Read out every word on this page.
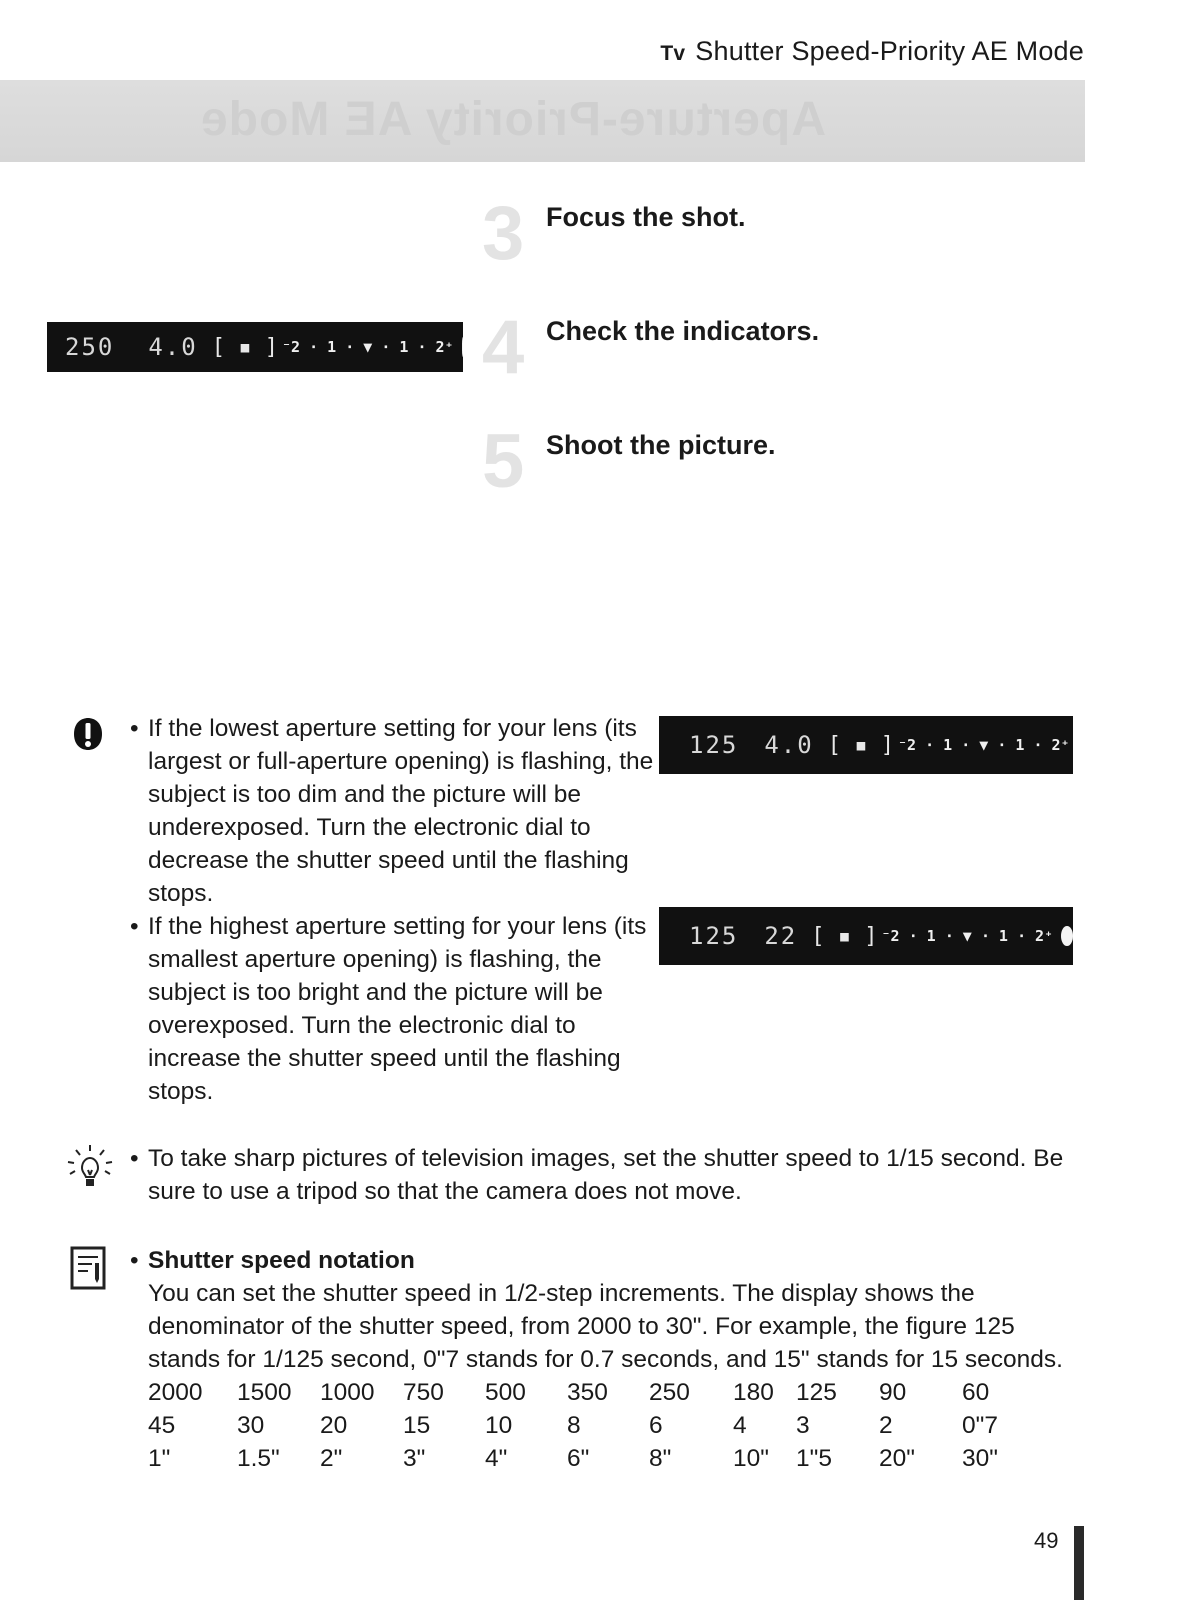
Tv Shutter Speed-Priority AE Mode
Aperture-Priority AE Mode
3 Focus the shot.
4 Check the indicators.
5 Shoot the picture.
250 4.0 [ ▪ ] ⁻2 ⋅ 1 ⋅ ▼ ⋅ 1 ⋅ 2⁺
• If the lowest aperture setting for your lens (its largest or full-aperture opening) is flashing, the subject is too dim and the picture will be underexposed. Turn the electronic dial to decrease the shutter speed until the flashing stops.
• If the highest aperture setting for your lens (its smallest aperture opening) is flashing, the subject is too bright and the picture will be overexposed. Turn the electronic dial to increase the shutter speed until the flashing stops.
125 4.0 [ ▪ ] ⁻2 ⋅ 1 ⋅ ▼ ⋅ 1 ⋅ 2⁺
125 22 [ ▪ ] ⁻2 ⋅ 1 ⋅ ▼ ⋅ 1 ⋅ 2⁺
• To take sharp pictures of television images, set the shutter speed to 1/15 second. Be sure to use a tripod so that the camera does not move.
• Shutter speed notation
You can set the shutter speed in 1/2-step increments. The display shows the denominator of the shutter speed, from 2000 to 30". For example, the figure 125 stands for 1/125 second, 0"7 stands for 0.7 seconds, and 15" stands for 15 seconds.
2000	1500	1000	750	500	350	250	180	125	90	60
45	30	20	15	10	8	6	4	3	2	0"7
1"	1.5"	2"	3"	4"	6"	8"	10"	1"5	20"	30"
49
